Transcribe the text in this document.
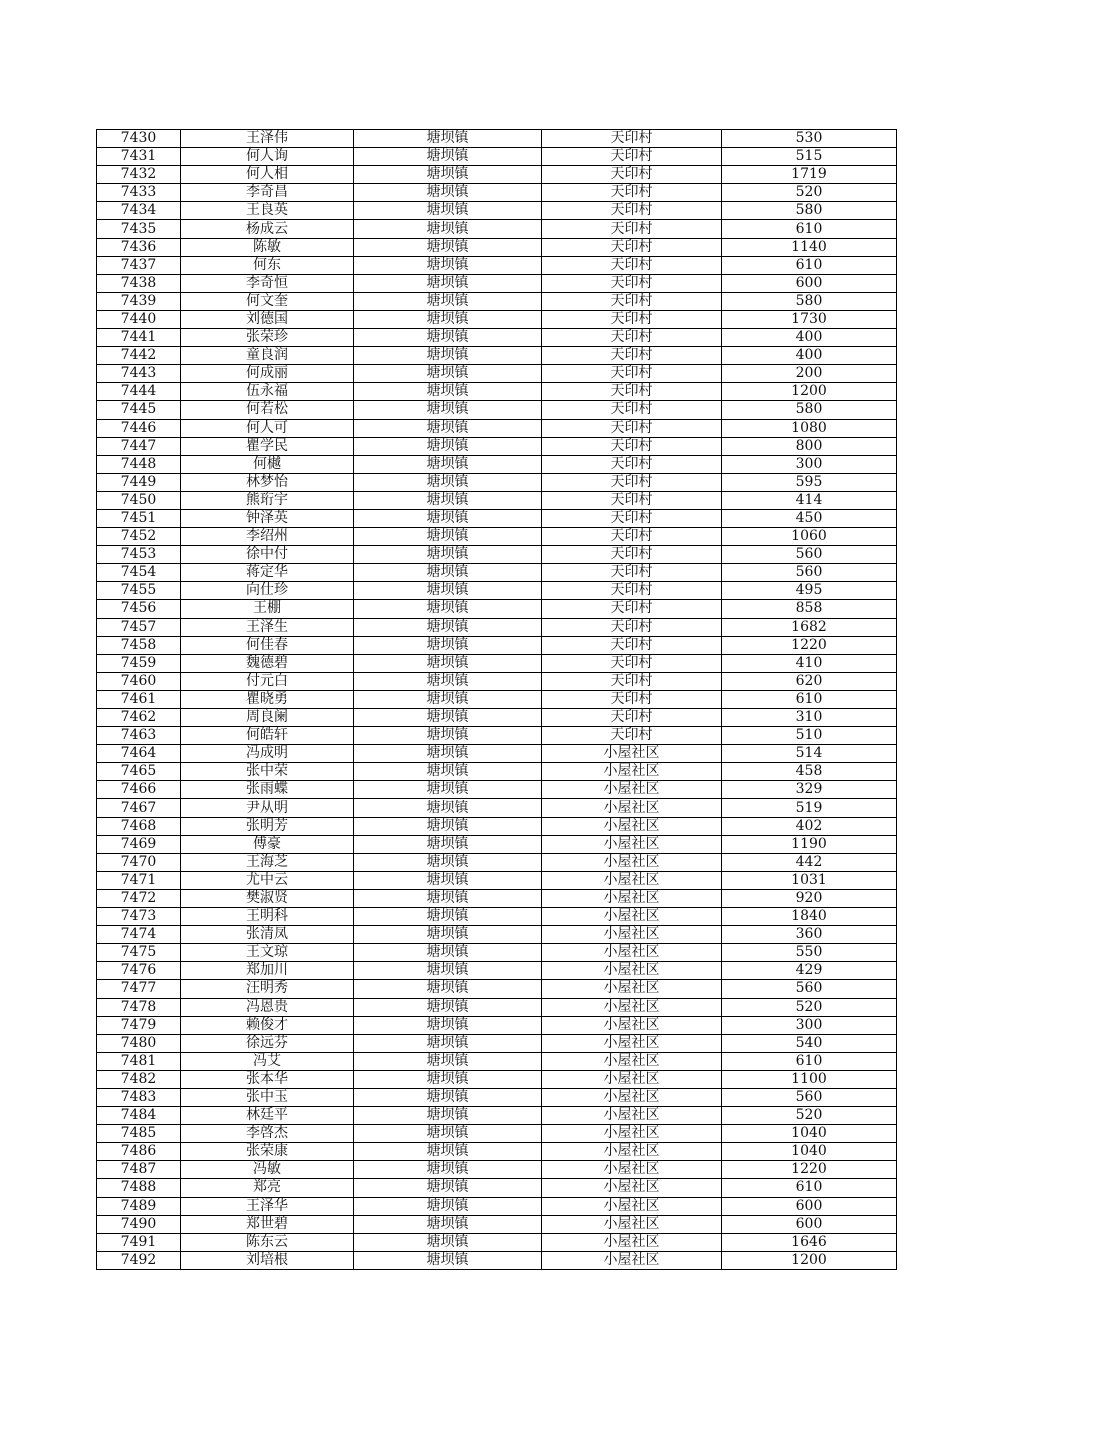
7430	王泽伟	塘坝镇	天印村	530
7431	何人询	塘坝镇	天印村	515
7432	何人相	塘坝镇	天印村	1719
7433	李奇昌	塘坝镇	天印村	520
7434	王良英	塘坝镇	天印村	580
7435	杨成云	塘坝镇	天印村	610
7436	陈敏	塘坝镇	天印村	1140
7437	何东	塘坝镇	天印村	610
7438	李奇恒	塘坝镇	天印村	600
7439	何文奎	塘坝镇	天印村	580
7440	刘德国	塘坝镇	天印村	1730
7441	张荣珍	塘坝镇	天印村	400
7442	童良润	塘坝镇	天印村	400
7443	何成丽	塘坝镇	天印村	200
7444	伍永福	塘坝镇	天印村	1200
7445	何若松	塘坝镇	天印村	580
7446	何人可	塘坝镇	天印村	1080
7447	瞿学民	塘坝镇	天印村	800
7448	何樾	塘坝镇	天印村	300
7449	林梦怡	塘坝镇	天印村	595
7450	熊珩宇	塘坝镇	天印村	414
7451	钟泽英	塘坝镇	天印村	450
7452	李绍州	塘坝镇	天印村	1060
7453	徐中付	塘坝镇	天印村	560
7454	蒋定华	塘坝镇	天印村	560
7455	向仕珍	塘坝镇	天印村	495
7456	王棚	塘坝镇	天印村	858
7457	王泽生	塘坝镇	天印村	1682
7458	何佳春	塘坝镇	天印村	1220
7459	魏德碧	塘坝镇	天印村	410
7460	付元白	塘坝镇	天印村	620
7461	瞿晓勇	塘坝镇	天印村	610
7462	周良阑	塘坝镇	天印村	310
7463	何皓轩	塘坝镇	天印村	510
7464	冯成明	塘坝镇	小屋社区	514
7465	张中荣	塘坝镇	小屋社区	458
7466	张雨蝶	塘坝镇	小屋社区	329
7467	尹从明	塘坝镇	小屋社区	519
7468	张明芳	塘坝镇	小屋社区	402
7469	傅豪	塘坝镇	小屋社区	1190
7470	王海芝	塘坝镇	小屋社区	442
7471	尤中云	塘坝镇	小屋社区	1031
7472	樊淑贤	塘坝镇	小屋社区	920
7473	王明科	塘坝镇	小屋社区	1840
7474	张清凤	塘坝镇	小屋社区	360
7475	王文琼	塘坝镇	小屋社区	550
7476	郑加川	塘坝镇	小屋社区	429
7477	汪明秀	塘坝镇	小屋社区	560
7478	冯恩贵	塘坝镇	小屋社区	520
7479	赖俊才	塘坝镇	小屋社区	300
7480	徐远芬	塘坝镇	小屋社区	540
7481	冯艾	塘坝镇	小屋社区	610
7482	张本华	塘坝镇	小屋社区	1100
7483	张中玉	塘坝镇	小屋社区	560
7484	林廷平	塘坝镇	小屋社区	520
7485	李啓杰	塘坝镇	小屋社区	1040
7486	张荣康	塘坝镇	小屋社区	1040
7487	冯敏	塘坝镇	小屋社区	1220
7488	郑亮	塘坝镇	小屋社区	610
7489	王泽华	塘坝镇	小屋社区	600
7490	郑世碧	塘坝镇	小屋社区	600
7491	陈东云	塘坝镇	小屋社区	1646
7492	刘培根	塘坝镇	小屋社区	1200
